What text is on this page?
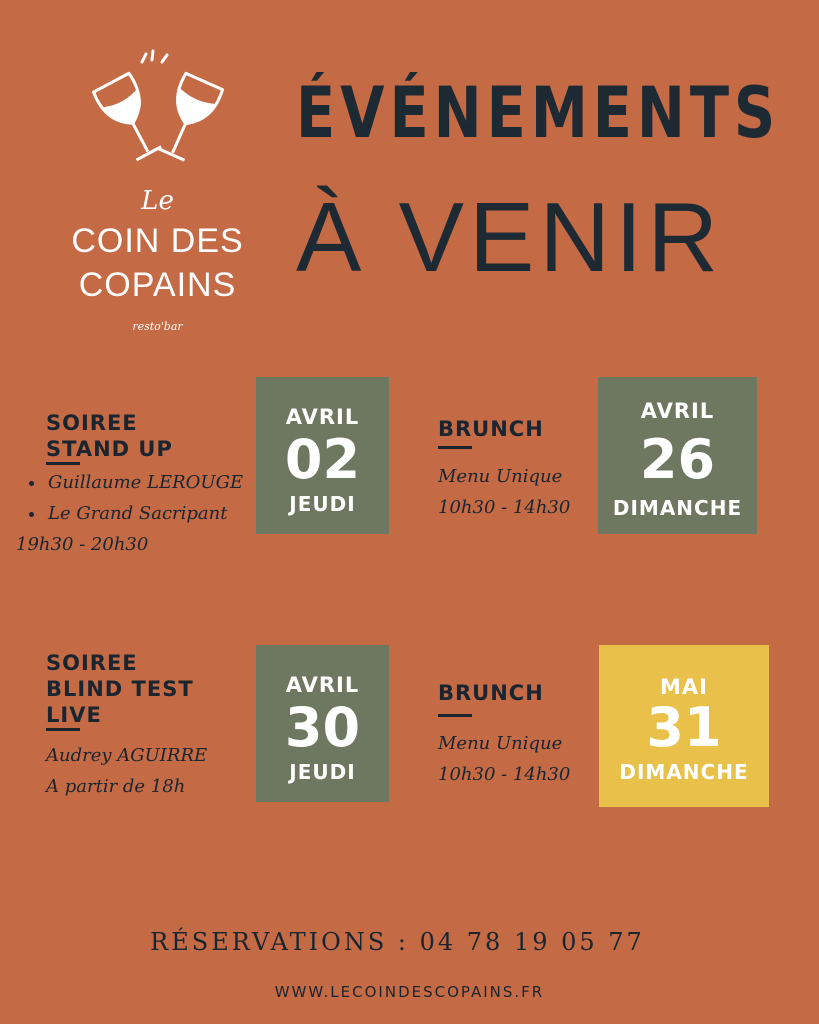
Le
COIN DES
COPAINS
resto'bar
ÉVÉNEMENTS
À VENIR
SOIREE
STAND UP
• Guillaume LEROUGE
• Le Grand Sacripant
19h30 - 20h30
AVRIL
02
JEUDI
BRUNCH
Menu Unique
10h30 - 14h30
AVRIL
26
DIMANCHE
SOIREE
BLIND TEST
LIVE
Audrey AGUIRRE
A partir de 18h
AVRIL
30
JEUDI
BRUNCH
Menu Unique
10h30 - 14h30
MAI
31
DIMANCHE
RÉSERVATIONS : 04 78 19 05 77
WWW.LECOINDESCOPAINS.FR
